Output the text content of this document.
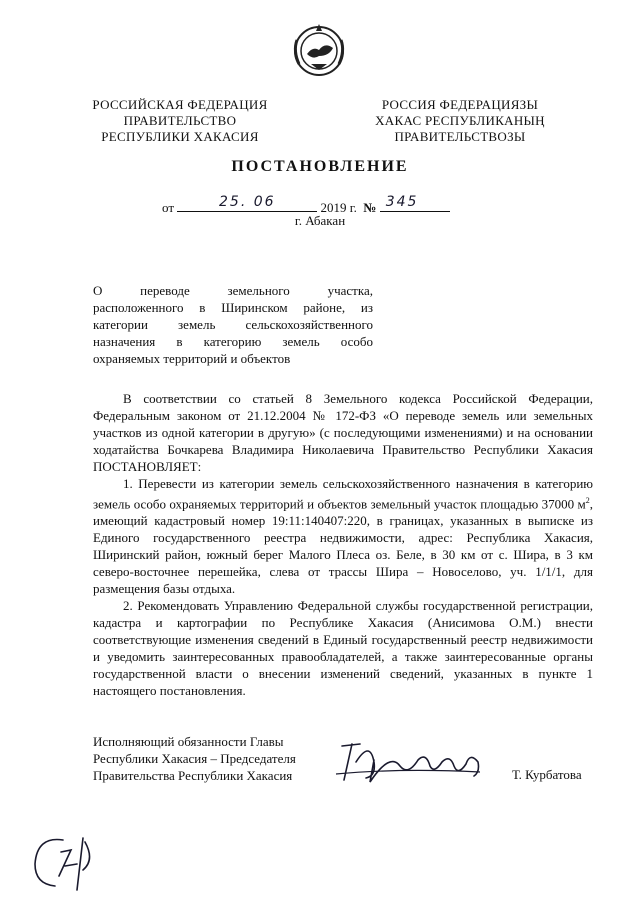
РОССИЙСКАЯ ФЕДЕРАЦИЯ
ПРАВИТЕЛЬСТВО
РЕСПУБЛИКИ ХАКАСИЯ
РОССИЯ ФЕДЕРАЦИЯЗЫ
ХАКАС РЕСПУБЛИКАНЫҢ
ПРАВИТЕЛЬСТВОЗЫ
ПОСТАНОВЛЕНИЕ
от	25. 06	2019 г. № 345
г. Абакан
О переводе земельного участка,
расположенного в Ширинском районе, из
категории земель сельскохозяйственного
назначения в категорию земель особо
охраняемых территорий и объектов

В соответствии со статьей 8 Земельного кодекса Российской Федерации, Федеральным законом от 21.12.2004 № 172-ФЗ «О переводе земель или земельных участков из одной категории в другую» (с последующими изменениями) и на основании ходатайства Бочкарева Владимира Николаевича Правительство Республики Хакасия ПОСТАНОВЛЯЕТ:

1. Перевести из категории земель сельскохозяйственного назначения в категорию земель особо охраняемых территорий и объектов земельный участок площадью 37000 $м^2$, имеющий кадастровый номер 19:11:140407:220, в границах, указанных в выписке из Единого государственного реестра недвижимости, адрес: Республика Хакасия, Ширинский район, южный берег Малого Плеса оз. Беле, в 30 км от с. Шира, в 3 км северо-восточнее перешейка, слева от трассы Шира – Новоселово, уч. 1/1/1, для размещения базы отдыха.

2. Рекомендовать Управлению Федеральной службы государственной регистрации, кадастра и картографии по Республике Хакасия (Анисимова О.М.) внести соответствующие изменения сведений в Единый государственный реестр недвижимости и уведомить заинтересованных правообладателей, а также заинтересованные органы государственной власти о внесении изменений сведений, указанных в пункте 1 настоящего постановления.

Исполняющий обязанности Главы
Республики Хакасия – Председателя
Правительства Республики Хакасия	Т. Курбатова
